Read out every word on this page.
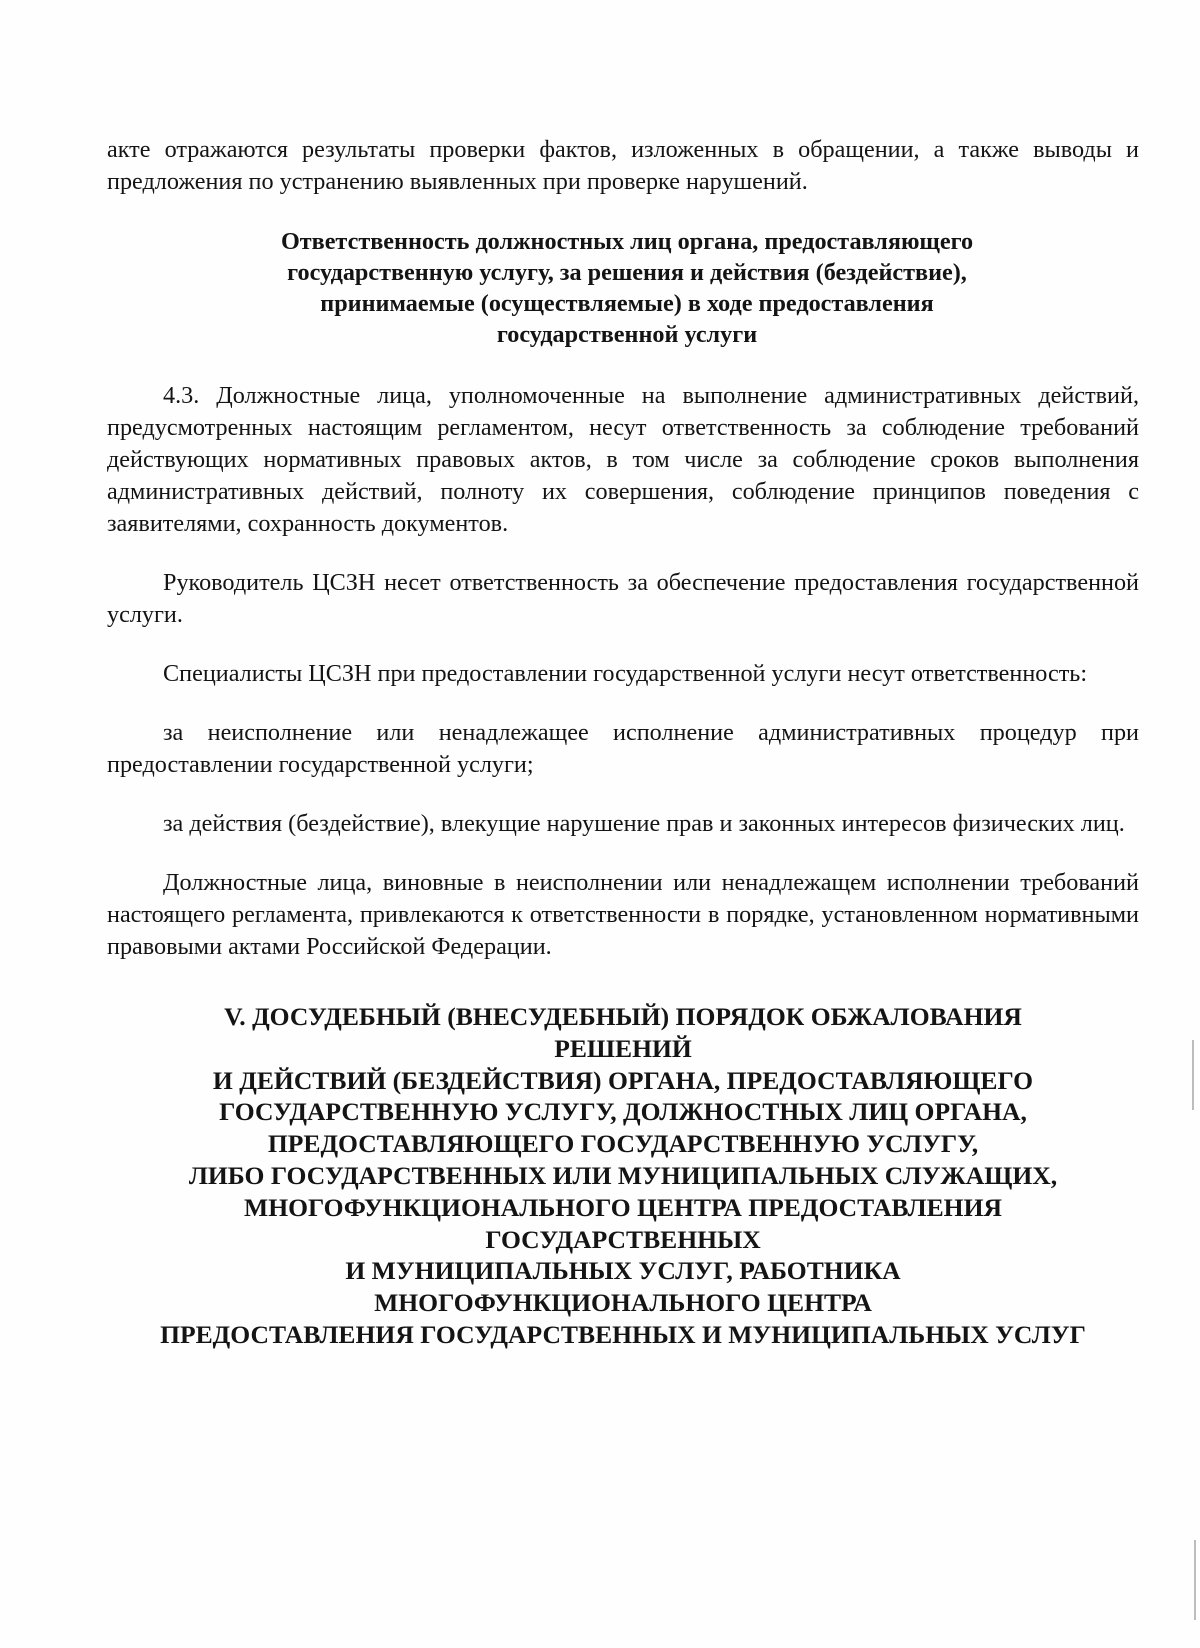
акте отражаются результаты проверки фактов, изложенных в обращении, а также выводы и предложения по устранению выявленных при проверке нарушений.

Ответственность должностных лиц органа, предоставляющего
государственную услугу, за решения и действия (бездействие),
принимаемые (осуществляемые) в ходе предоставления
государственной услуги

4.3. Должностные лица, уполномоченные на выполнение административных действий, предусмотренных настоящим регламентом, несут ответственность за соблюдение требований действующих нормативных правовых актов, в том числе за соблюдение сроков выполнения административных действий, полноту их совершения, соблюдение принципов поведения с заявителями, сохранность документов.

Руководитель ЦСЗН несет ответственность за обеспечение предоставления государственной услуги.

Специалисты ЦСЗН при предоставлении государственной услуги несут ответственность:

за неисполнение или ненадлежащее исполнение административных процедур при предоставлении государственной услуги;

за действия (бездействие), влекущие нарушение прав и законных интересов физических лиц.

Должностные лица, виновные в неисполнении или ненадлежащем исполнении требований настоящего регламента, привлекаются к ответственности в порядке, установленном нормативными правовыми актами Российской Федерации.

V. ДОСУДЕБНЫЙ (ВНЕСУДЕБНЫЙ) ПОРЯДОК ОБЖАЛОВАНИЯ
РЕШЕНИЙ
И ДЕЙСТВИЙ (БЕЗДЕЙСТВИЯ) ОРГАНА, ПРЕДОСТАВЛЯЮЩЕГО
ГОСУДАРСТВЕННУЮ УСЛУГУ, ДОЛЖНОСТНЫХ ЛИЦ ОРГАНА,
ПРЕДОСТАВЛЯЮЩЕГО ГОСУДАРСТВЕННУЮ УСЛУГУ,
ЛИБО ГОСУДАРСТВЕННЫХ ИЛИ МУНИЦИПАЛЬНЫХ СЛУЖАЩИХ,
МНОГОФУНКЦИОНАЛЬНОГО ЦЕНТРА ПРЕДОСТАВЛЕНИЯ
ГОСУДАРСТВЕННЫХ
И МУНИЦИПАЛЬНЫХ УСЛУГ, РАБОТНИКА
МНОГОФУНКЦИОНАЛЬНОГО ЦЕНТРА
ПРЕДОСТАВЛЕНИЯ ГОСУДАРСТВЕННЫХ И МУНИЦИПАЛЬНЫХ УСЛУГ
